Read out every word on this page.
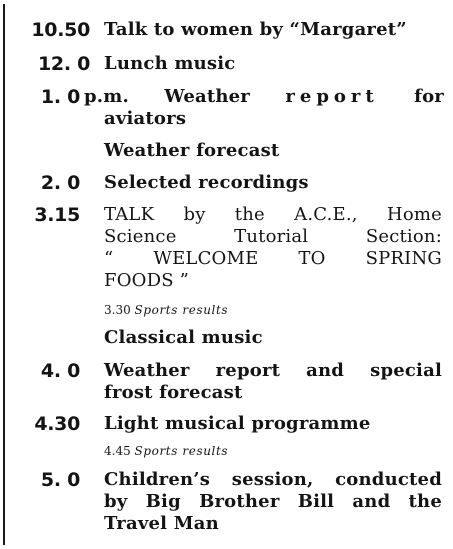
10.50 Talk to women by “Margaret”
12. 0 Lunch music
1. 0 p.m. Weather report for
aviators
Weather forecast
2. 0 Selected recordings
3.15 TALK by the A.C.E., Home
Science Tutorial Section:
“ WELCOME TO SPRING
FOODS ”
3.30 Sports results
Classical music
4. 0 Weather report and special
frost forecast
4.30 Light musical programme
4.45 Sports results
5. 0 Children’s session, conducted
by Big Brother Bill and the
Travel Man
